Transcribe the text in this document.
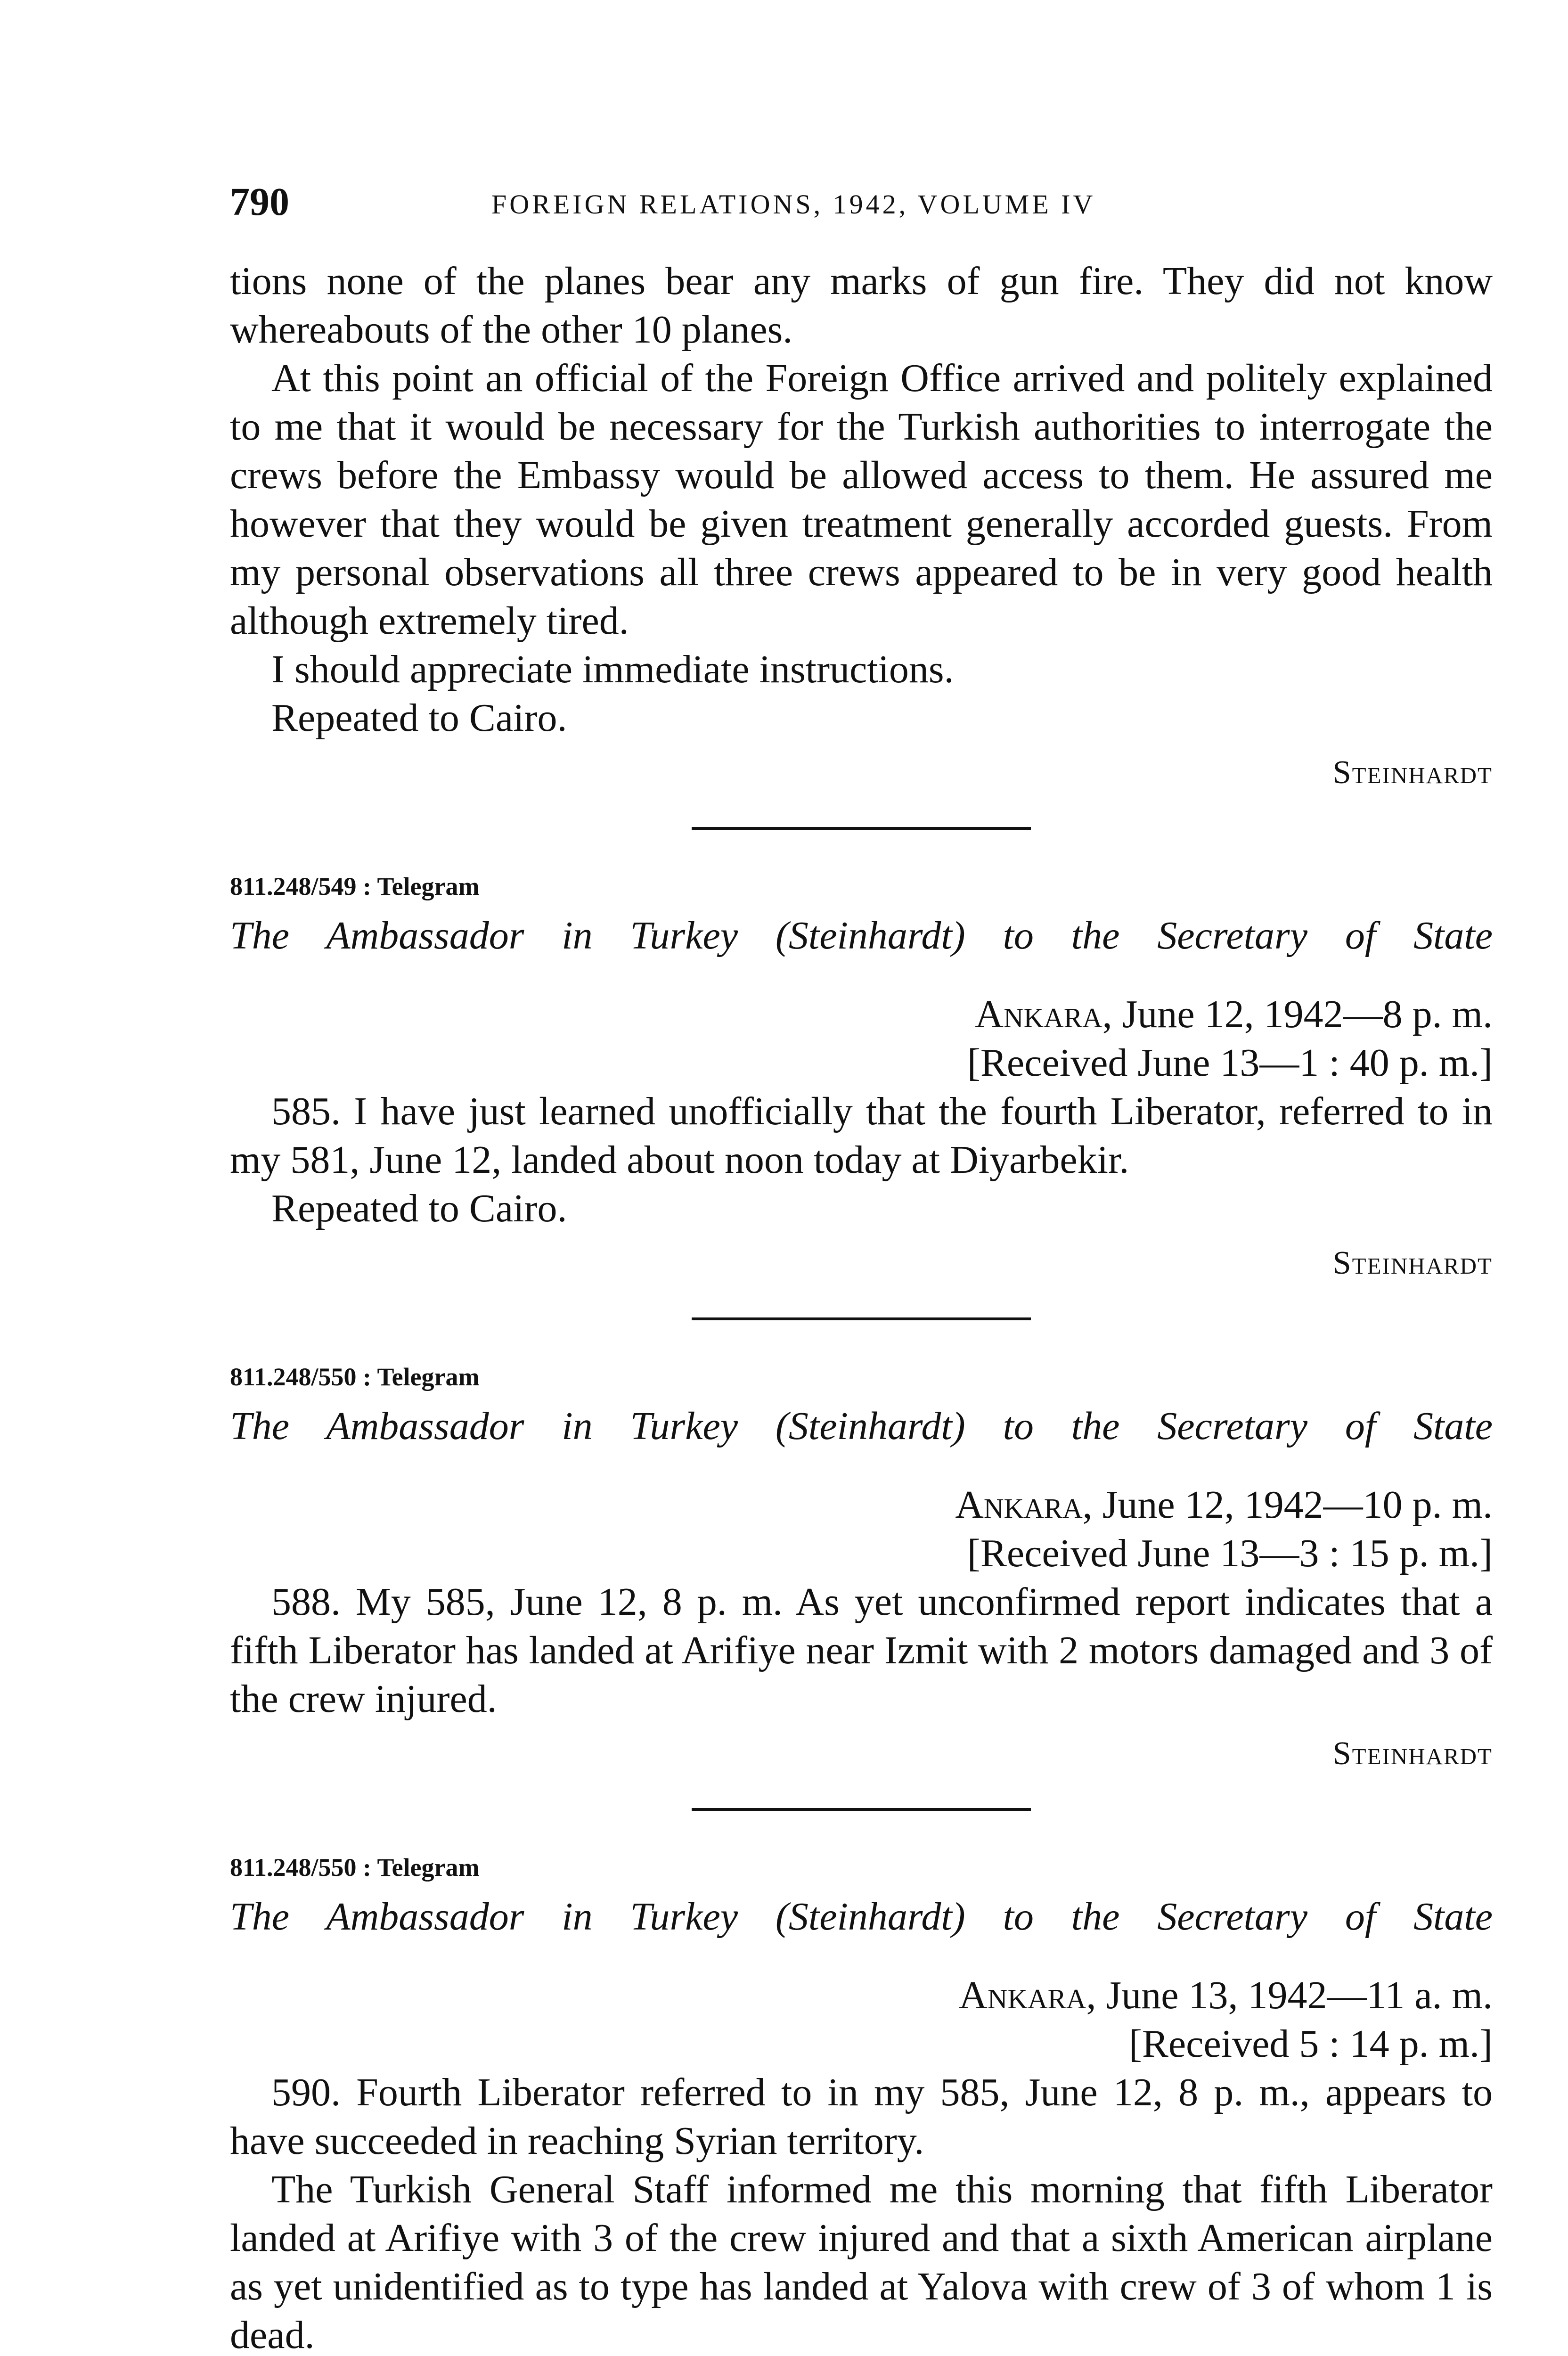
790	FOREIGN RELATIONS, 1942, VOLUME IV

tions none of the planes bear any marks of gun fire. They did not know whereabouts of the other 10 planes.

At this point an official of the Foreign Office arrived and politely explained to me that it would be necessary for the Turkish authorities to interrogate the crews before the Embassy would be allowed access to them. He assured me however that they would be given treatment generally accorded guests. From my personal observations all three crews appeared to be in very good health although extremely tired.

I should appreciate immediate instructions.

Repeated to Cairo.

Steinhardt

811.248/549 : Telegram
The Ambassador in Turkey (Steinhardt) to the Secretary of State
Ankara, June 12, 1942—8 p. m.
[Received June 13—1 : 40 p. m.]

585. I have just learned unofficially that the fourth Liberator, referred to in my 581, June 12, landed about noon today at Diyarbekir.

Repeated to Cairo.

Steinhardt

811.248/550 : Telegram
The Ambassador in Turkey (Steinhardt) to the Secretary of State
Ankara, June 12, 1942—10 p. m.
[Received June 13—3 : 15 p. m.]

588. My 585, June 12, 8 p. m. As yet unconfirmed report indicates that a fifth Liberator has landed at Arifiye near Izmit with 2 motors damaged and 3 of the crew injured.

Steinhardt

811.248/550 : Telegram
The Ambassador in Turkey (Steinhardt) to the Secretary of State
Ankara, June 13, 1942—11 a. m.
[Received 5 : 14 p. m.]

590. Fourth Liberator referred to in my 585, June 12, 8 p. m., appears to have succeeded in reaching Syrian territory.

The Turkish General Staff informed me this morning that fifth Liberator landed at Arifiye with 3 of the crew injured and that a sixth American airplane as yet unidentified as to type has landed at Yalova with crew of 3 of whom 1 is dead.
